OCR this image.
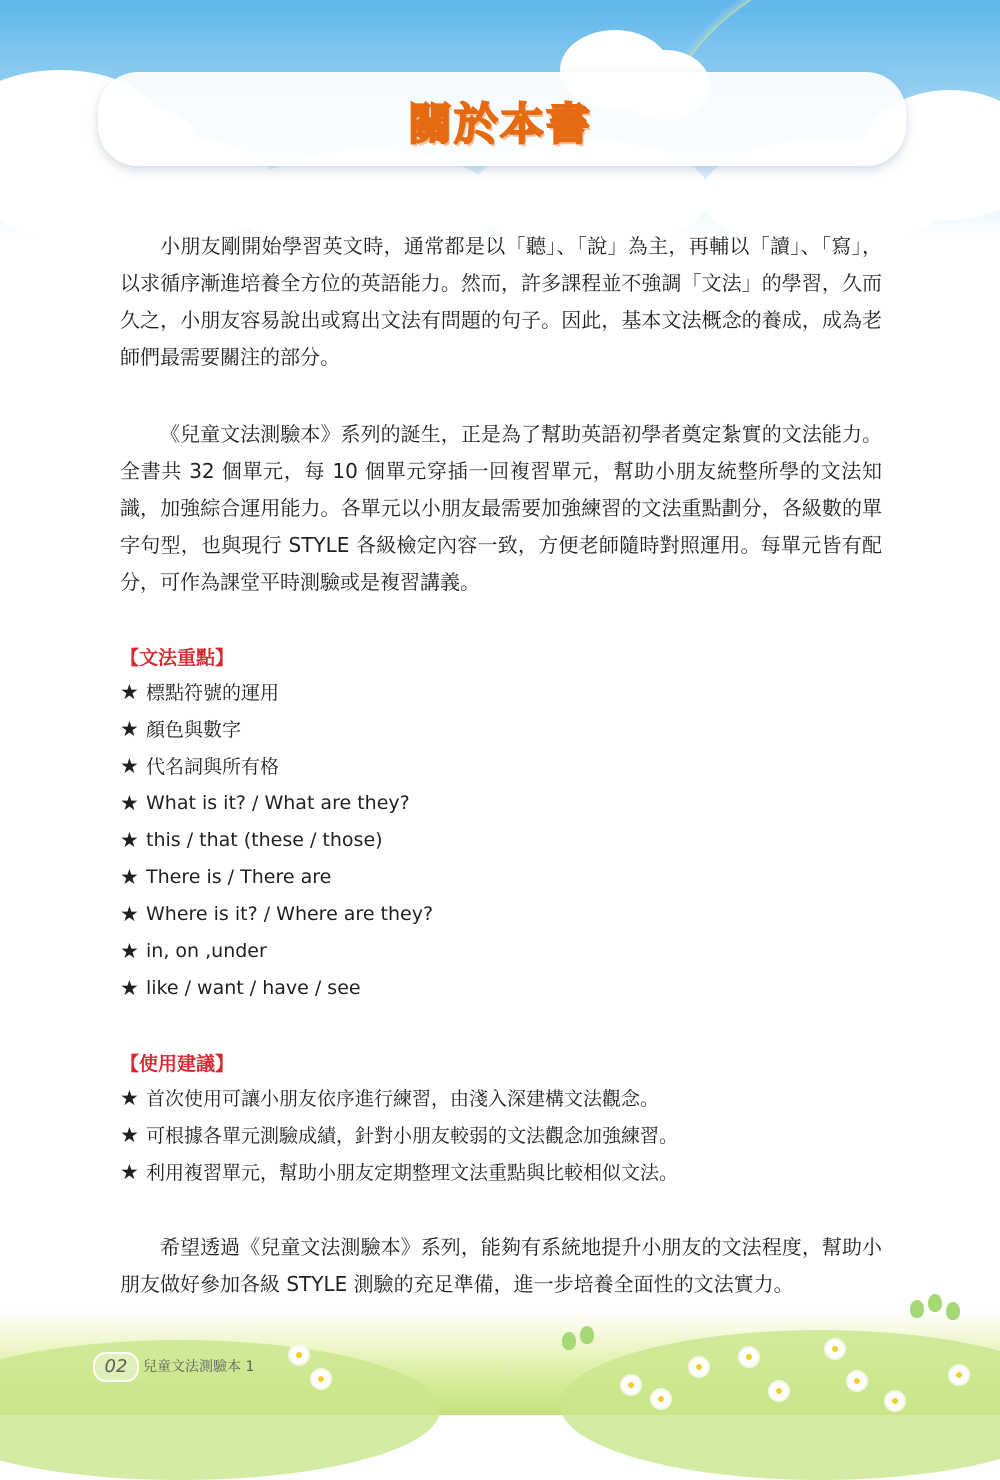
關於本書

小朋友剛開始學習英文時，通常都是以「聽」、「說」為主，再輔以「讀」、「寫」，以求循序漸進培養全方位的英語能力。然而，許多課程並不強調「文法」的學習，久而久之，小朋友容易說出或寫出文法有問題的句子。因此，基本文法概念的養成，成為老師們最需要關注的部分。

《兒童文法測驗本》系列的誕生，正是為了幫助英語初學者奠定紮實的文法能力。全書共 32 個單元，每 10 個單元穿插一回複習單元，幫助小朋友統整所學的文法知識，加強綜合運用能力。各單元以小朋友最需要加強練習的文法重點劃分，各級數的單字句型，也與現行 STYLE 各級檢定內容一致，方便老師隨時對照運用。每單元皆有配分，可作為課堂平時測驗或是複習講義。

【文法重點】
★ 標點符號的運用
★ 顏色與數字
★ 代名詞與所有格
★ What is it? / What are they?
★ this / that (these / those)
★ There is / There are
★ Where is it? / Where are they?
★ in, on ,under
★ like / want / have / see
【使用建議】
★ 首次使用可讓小朋友依序進行練習，由淺入深建構文法觀念。
★ 可根據各單元測驗成績，針對小朋友較弱的文法觀念加強練習。
★ 利用複習單元，幫助小朋友定期整理文法重點與比較相似文法。

希望透過《兒童文法測驗本》系列，能夠有系統地提升小朋友的文法程度，幫助小朋友做好參加各級 STYLE 測驗的充足準備，進一步培養全面性的文法實力。

02	兒童文法測驗本 1
